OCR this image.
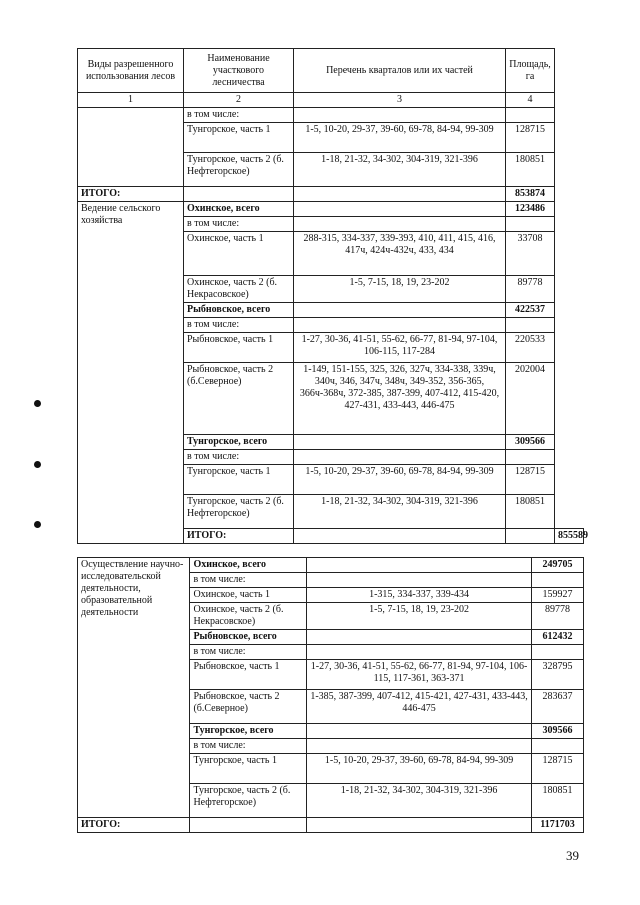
Виды разрешенного использования лесов	Наименование участкового лесничества	Перечень кварталов или их частей	Площадь, га	
1	2	3	4	
	в том числе:			
	Тунгорское, часть 1	1-5, 10-20, 29-37, 39-60, 69-78, 84-94, 99-309	128715	
	Тунгорское, часть 2 (б. Нефтегорское)	1-18, 21-32, 34-302, 304-319, 321-396	180851	
ИТОГО:			853874	
Ведение сельского хозяйства	Охинское, всего		123486	
	в том числе:			
	Охинское, часть 1	288-315, 334-337, 339-393, 410, 411, 415, 416, 417ч, 424ч-432ч, 433, 434	33708	
	Охинское, часть 2 (б. Некрасовское)	1-5, 7-15, 18, 19, 23-202	89778	
	Рыбновское, всего		422537	
	в том числе:			
	Рыбновское, часть 1	1-27, 30-36, 41-51, 55-62, 66-77, 81-94, 97-104, 106-115, 117-284	220533	
	Рыбновское, часть 2 (б.Северное)	1-149, 151-155, 325, 326, 327ч, 334-338, 339ч, 340ч, 346, 347ч, 348ч, 349-352, 356-365, 366ч-368ч, 372-385, 387-399, 407-412, 415-420, 427-431, 433-443, 446-475	202004	
	Тунгорское, всего		309566	
	в том числе:			
	Тунгорское, часть 1	1-5, 10-20, 29-37, 39-60, 69-78, 84-94, 99-309	128715	
	Тунгорское, часть 2 (б. Нефтегорское)	1-18, 21-32, 34-302, 304-319, 321-396	180851	
	ИТОГО:			855589
Осуществление научно-исследовательской деятельности, образовательной деятельности	Охинское, всего		249705
	в том числе:		
	Охинское, часть 1	1-315, 334-337, 339-434	159927
	Охинское, часть 2 (б. Некрасовское)	1-5, 7-15, 18, 19, 23-202	89778
	Рыбновское, всего		612432
	в том числе:		
	Рыбновское, часть 1	1-27, 30-36, 41-51, 55-62, 66-77, 81-94, 97-104, 106-115, 117-361, 363-371	328795
	Рыбновское, часть 2 (б.Северное)	1-385, 387-399, 407-412, 415-421, 427-431, 433-443, 446-475	283637
	Тунгорское, всего		309566
	в том числе:		
	Тунгорское, часть 1	1-5, 10-20, 29-37, 39-60, 69-78, 84-94, 99-309	128715
	Тунгорское, часть 2 (б. Нефтегорское)	1-18, 21-32, 34-302, 304-319, 321-396	180851
ИТОГО:			1171703
39
